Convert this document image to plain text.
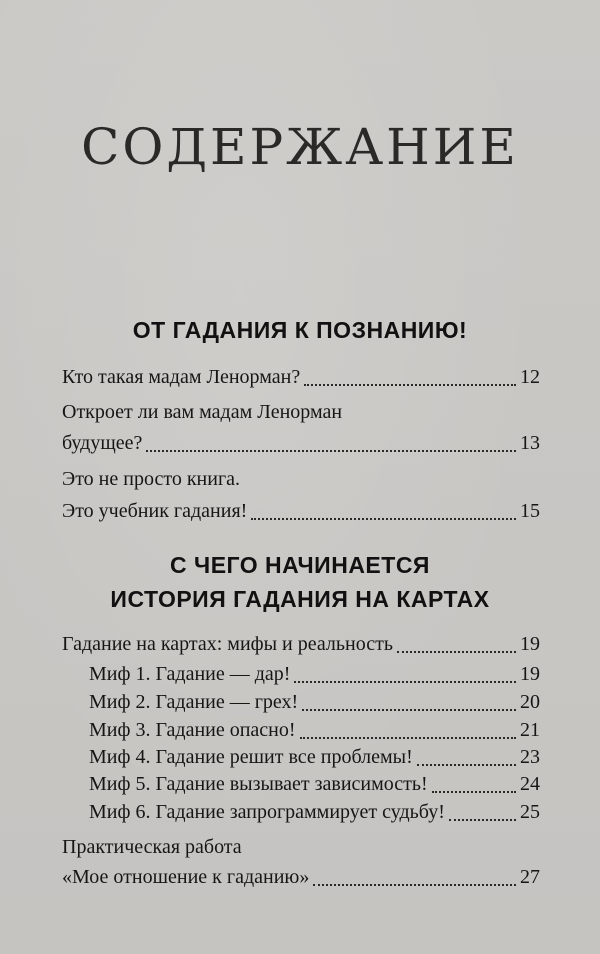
СОДЕРЖАНИЕ
ОТ ГАДАНИЯ К ПОЗНАНИЮ!
Кто такая мадам Ленорман?	12
Откроет ли вам мадам Ленорман
будущее?	13
Это не просто книга.
Это учебник гадания!	15
С ЧЕГО НАЧИНАЕТСЯ
ИСТОРИЯ ГАДАНИЯ НА КАРТАХ
Гадание на картах: мифы и реальность	19
Миф 1. Гадание — дар!	19
Миф 2. Гадание — грех!	20
Миф 3. Гадание опасно!	21
Миф 4. Гадание решит все проблемы!	23
Миф 5. Гадание вызывает зависимость!	24
Миф 6. Гадание запрограммирует судьбу!	25
Практическая работа
«Мое отношение к гаданию»	27
